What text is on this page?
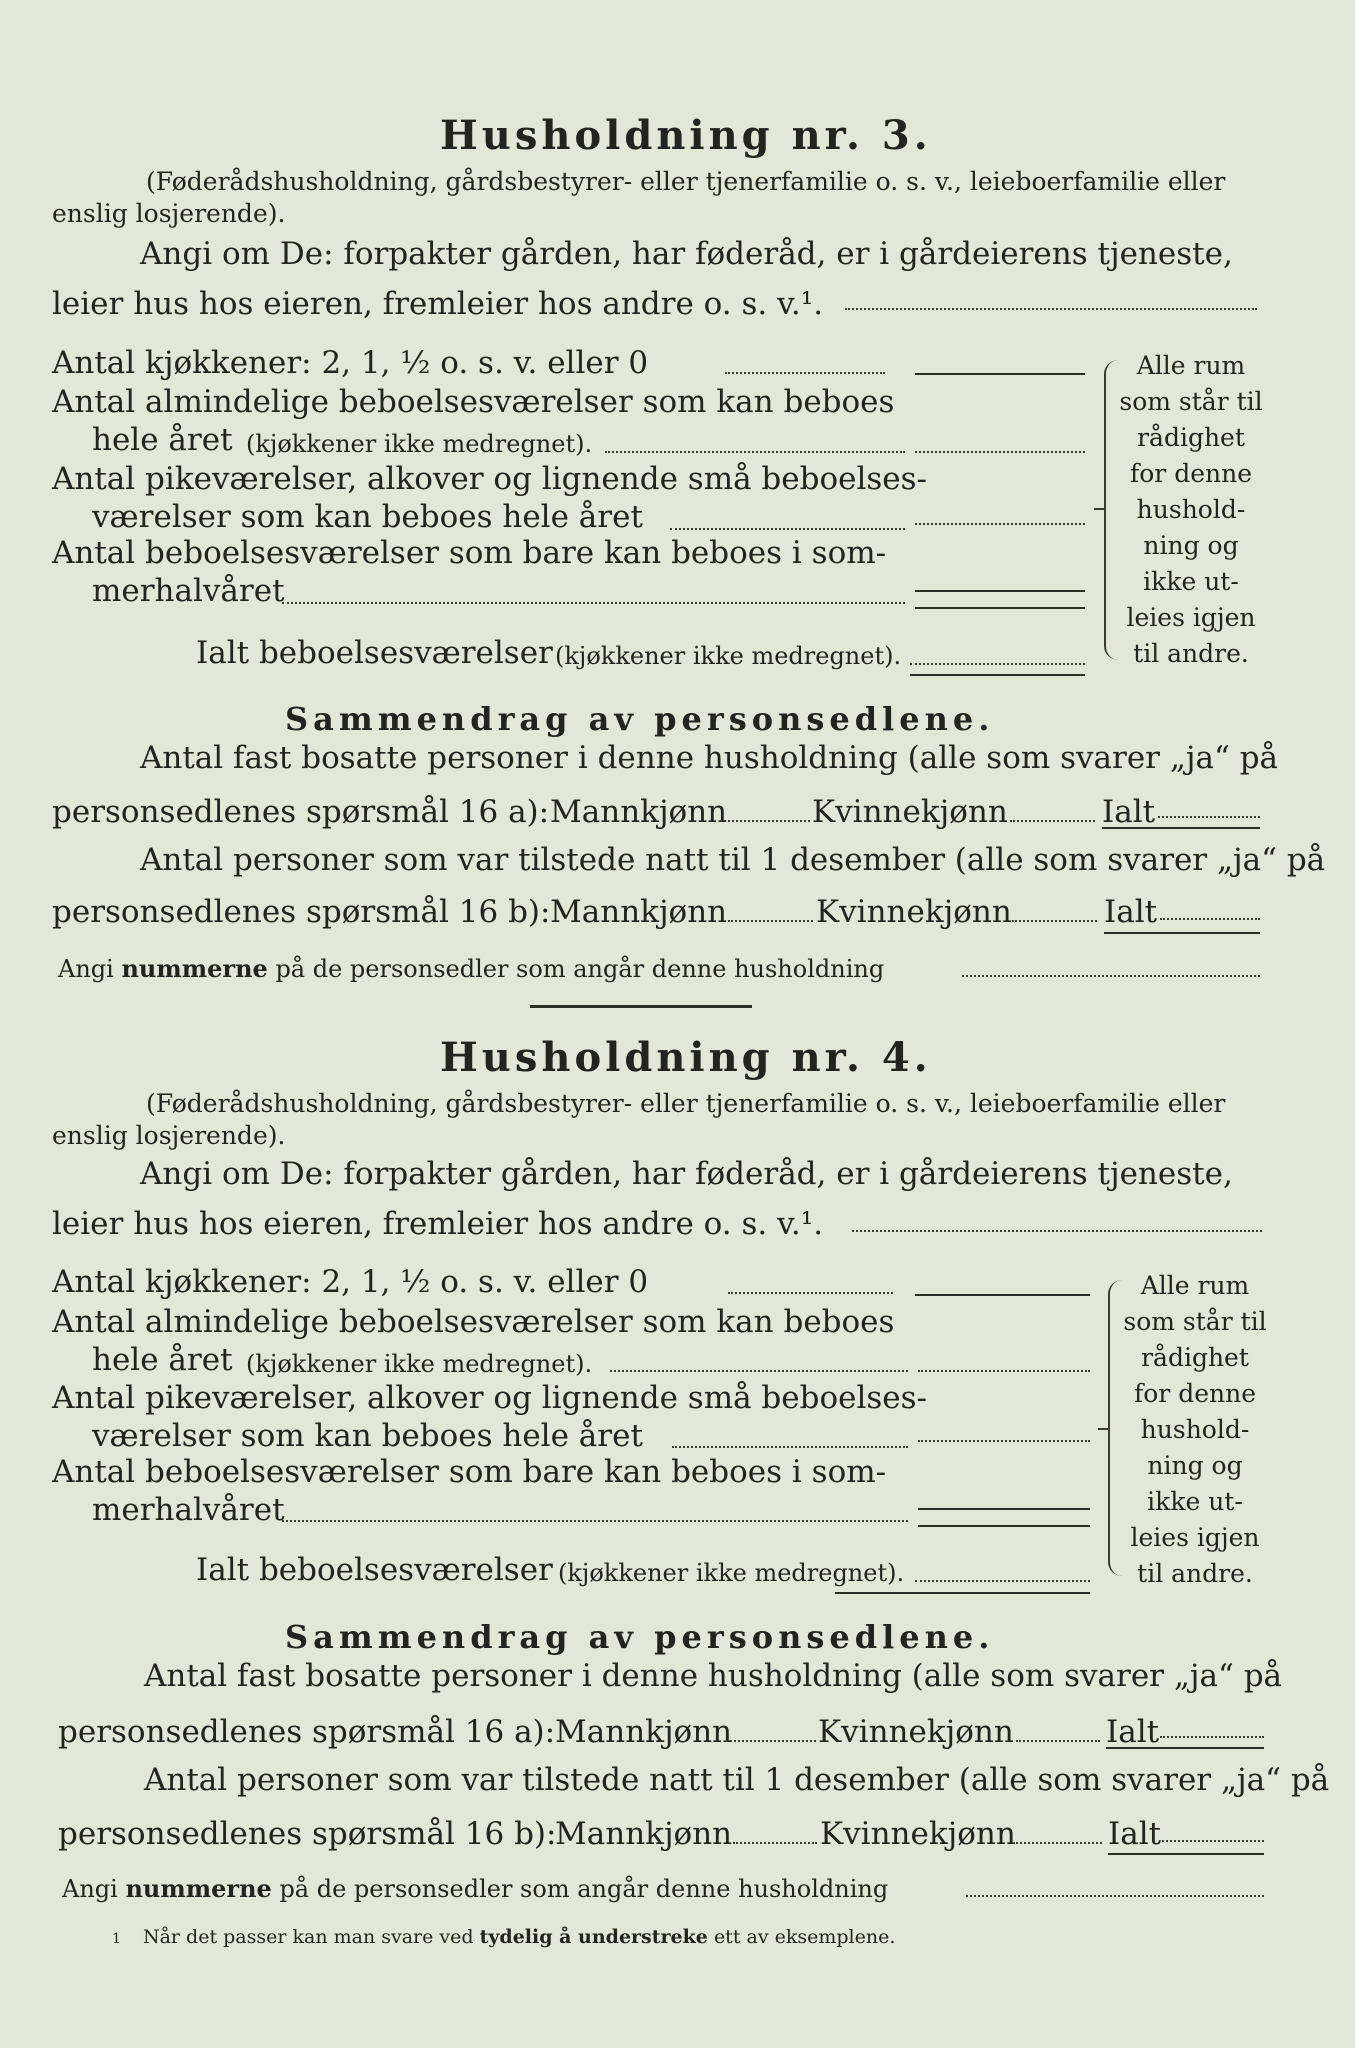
Husholdning nr. 3.
(Føderådshusholdning, gårdsbestyrer- eller tjenerfamilie o. s. v., leieboerfamilie eller
enslig losjerende).
Angi om De: forpakter gården, har føderåd, er i gårdeierens tjeneste,
leier hus hos eieren, fremleier hos andre o. s. v.¹.
Antal kjøkkener: 2, 1, ½ o. s. v. eller 0
Antal almindelige beboelsesværelser som kan beboes
hele året (kjøkkener ikke medregnet).
Antal pikeværelser, alkover og lignende små beboelses-
værelser som kan beboes hele året
Antal beboelsesværelser som bare kan beboes i som-
merhalvåret
Ialt beboelsesværelser (kjøkkener ikke medregnet).
Alle rum
som står til
rådighet
for denne
hushold-
ning og
ikke ut-
leies igjen
til andre.
Sammendrag av personsedlene.
Antal fast bosatte personer i denne husholdning (alle som svarer „ja“ på
personsedlenes spørsmål 16 a): Mannkjønn	Kvinnekjønn	Ialt
Antal personer som var tilstede natt til 1 desember (alle som svarer „ja“ på
personsedlenes spørsmål 16 b): Mannkjønn	Kvinnekjønn	Ialt
Angi nummerne på de personsedler som angår denne husholdning
Husholdning nr. 4.
(Føderådshusholdning, gårdsbestyrer- eller tjenerfamilie o. s. v., leieboerfamilie eller
enslig losjerende).
Angi om De: forpakter gården, har føderåd, er i gårdeierens tjeneste,
leier hus hos eieren, fremleier hos andre o. s. v.¹.
Antal kjøkkener: 2, 1, ½ o. s. v. eller 0
Antal almindelige beboelsesværelser som kan beboes
hele året (kjøkkener ikke medregnet).
Antal pikeværelser, alkover og lignende små beboelses-
værelser som kan beboes hele året
Antal beboelsesværelser som bare kan beboes i som-
merhalvåret
Ialt beboelsesværelser (kjøkkener ikke medregnet).
Alle rum
som står til
rådighet
for denne
hushold-
ning og
ikke ut-
leies igjen
til andre.
Sammendrag av personsedlene.
Antal fast bosatte personer i denne husholdning (alle som svarer „ja“ på
personsedlenes spørsmål 16 a): Mannkjønn	Kvinnekjønn	Ialt
Antal personer som var tilstede natt til 1 desember (alle som svarer „ja“ på
personsedlenes spørsmål 16 b):
Mannkjønn	Kvinnekjønn	Ialt
Angi nummerne på de personsedler som angår denne husholdning
1 Når det passer kan man svare ved tydelig å understreke ett av eksemplene.
